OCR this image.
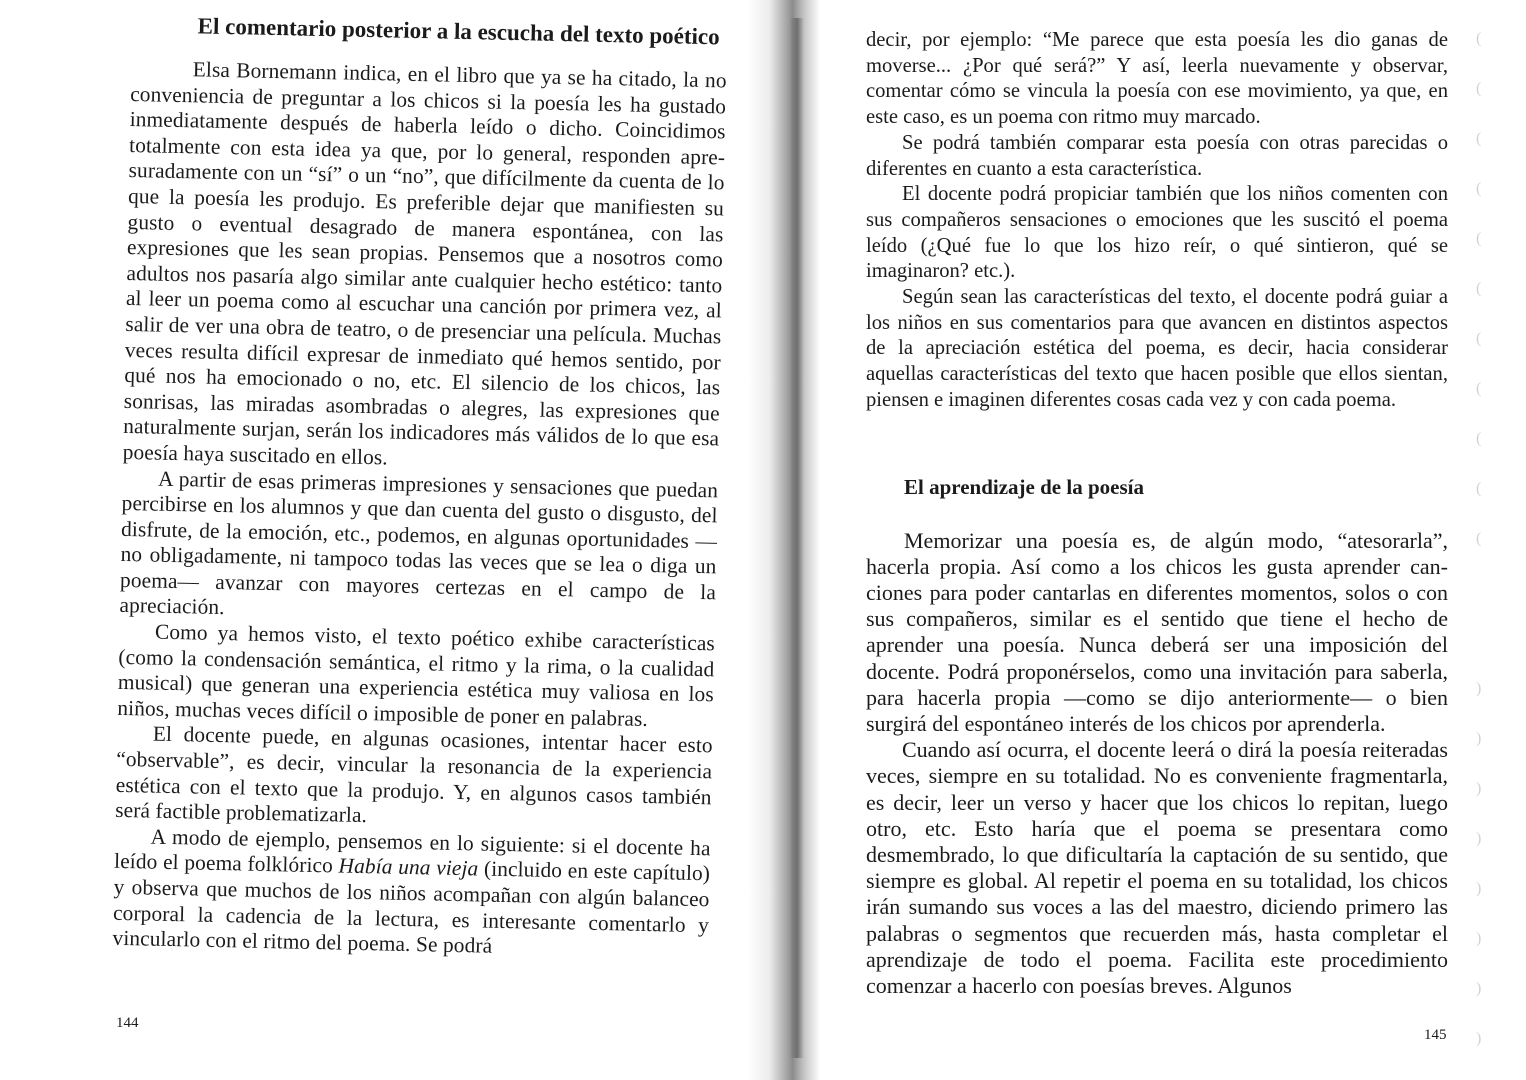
El comentario posterior a la escucha del texto poético

Elsa Bornemann indica, en el libro que ya se ha citado, la no conveniencia de preguntar a los chicos si la poesía les ha gustado inmediatamente después de haberla leído o dicho. Coincidimos totalmente con esta idea ya que, por lo general, responden apresuradamente con un “sí” o un “no”, que difícilmente da cuenta de lo que la poesía les produjo. Es preferible dejar que manifiesten su gusto o eventual desagrado de manera espontánea, con las expresiones que les sean propias. Pensemos que a nosotros como adultos nos pasaría algo similar ante cualquier hecho estético: tanto al leer un poema como al escuchar una canción por primera vez, al salir de ver una obra de teatro, o de presenciar una película. Muchas veces resulta difícil expresar de inmediato qué hemos sentido, por qué nos ha emocionado o no, etc. El silencio de los chicos, las sonrisas, las miradas asombradas o alegres, las expresiones que naturalmente surjan, serán los indicadores más válidos de lo que esa poesía haya suscitado en ellos.

A partir de esas primeras impresiones y sensaciones que puedan percibirse en los alumnos y que dan cuenta del gusto o disgusto, del disfrute, de la emoción, etc., podemos, en algunas oportunidades —no obligadamente, ni tampoco todas las veces que se lea o diga un poema— avanzar con mayores certezas en el campo de la apreciación.

Como ya hemos visto, el texto poético exhibe características (como la condensación semántica, el ritmo y la rima, o la cualidad musical) que generan una experiencia estética muy valiosa en los niños, muchas veces difícil o imposible de poner en palabras.

El docente puede, en algunas ocasiones, intentar hacer esto “observable”, es decir, vincular la resonancia de la experiencia estética con el texto que la produjo. Y, en algunos casos también será factible problematizarla.

A modo de ejemplo, pensemos en lo siguiente: si el docente ha leído el poema folklórico Había una vieja (incluido en este capítulo) y observa que muchos de los niños acompañan con algún balanceo corporal la cadencia de la lectura, es interesante comentarlo y vincularlo con el ritmo del poema. Se podrá

144

decir, por ejemplo: “Me parece que esta poesía les dio ganas de moverse... ¿Por qué será?” Y así, leerla nuevamente y observar, comentar cómo se vincula la poesía con ese movimiento, ya que, en este caso, es un poema con ritmo muy marcado.

Se podrá también comparar esta poesía con otras parecidas o diferentes en cuanto a esta característica.

El docente podrá propiciar también que los niños comenten con sus compañeros sensaciones o emociones que les suscitó el poema leído (¿Qué fue lo que los hizo reír, o qué sintieron, qué se imaginaron? etc.).

Según sean las características del texto, el docente podrá guiar a los niños en sus comentarios para que avancen en distintos aspectos de la apreciación estética del poema, es decir, hacia considerar aquellas características del texto que hacen posible que ellos sientan, piensen e imaginen diferentes cosas cada vez y con cada poema.

El aprendizaje de la poesía

Memorizar una poesía es, de algún modo, “atesorarla”, hacerla propia. Así como a los chicos les gusta aprender canciones para poder cantarlas en diferentes momentos, solos o con sus compañeros, similar es el sentido que tiene el hecho de aprender una poesía. Nunca deberá ser una imposición del docente. Podrá proponérselos, como una invitación para saberla, para hacerla propia —como se dijo anteriormente— o bien surgirá del espontáneo interés de los chicos por aprenderla.

Cuando así ocurra, el docente leerá o dirá la poesía reiteradas veces, siempre en su totalidad. No es conveniente fragmentarla, es decir, leer un verso y hacer que los chicos lo repitan, luego otro, etc. Esto haría que el poema se presentara como desmembrado, lo que dificultaría la captación de su sentido, que siempre es global. Al repetir el poema en su totalidad, los chicos irán sumando sus voces a las del maestro, diciendo primero las palabras o segmentos que recuerden más, hasta completar el aprendizaje de todo el poema. Facilita este procedimiento comenzar a hacerlo con poesías breves. Algunos

145
(
(
(
(
(
(
(
(
(
(
(
)
)
)
)
)
)
)
)
